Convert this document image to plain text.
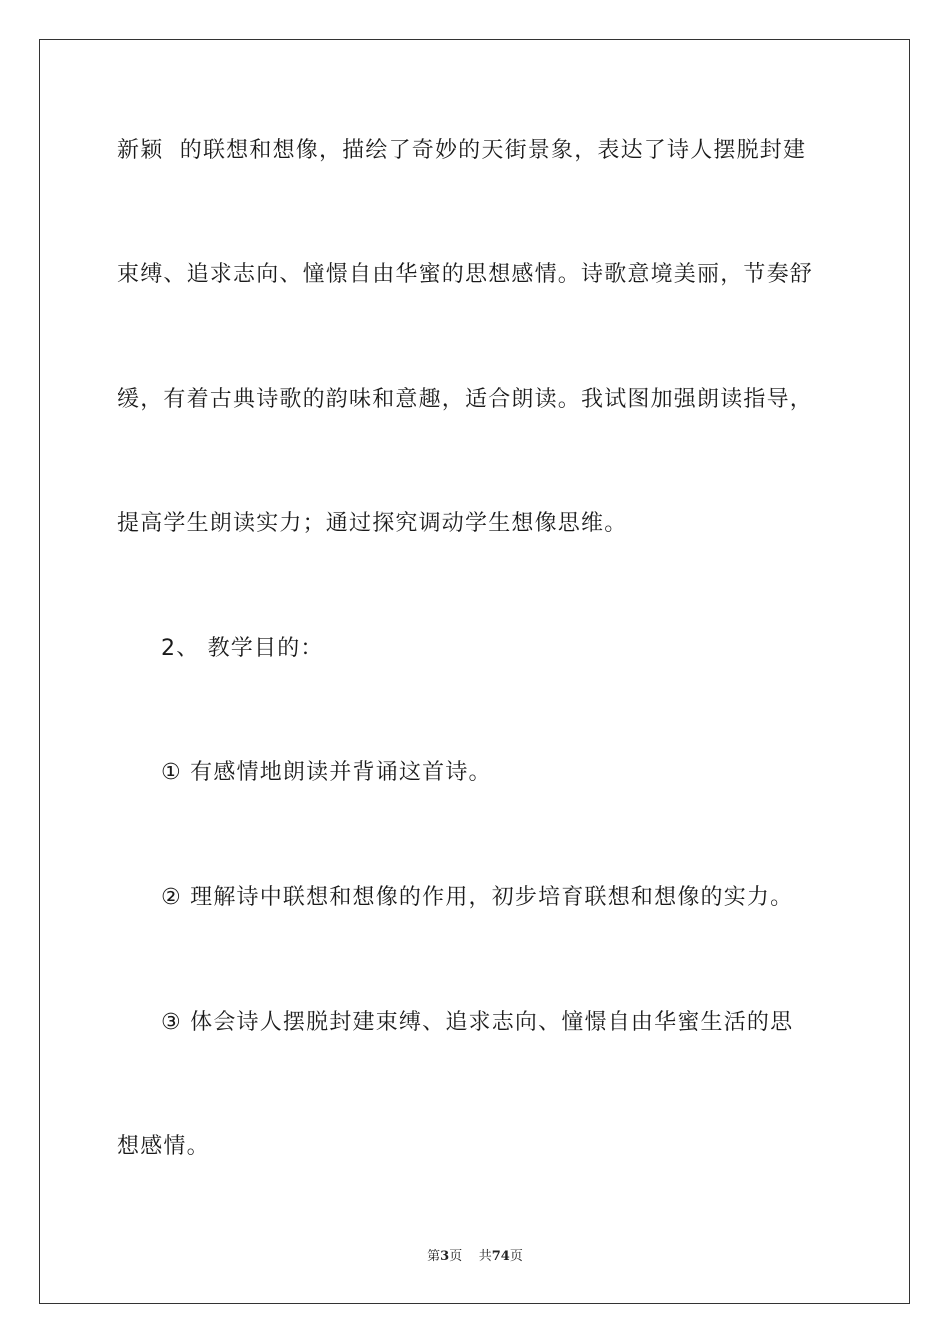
新颖  的联想和想像，描绘了奇妙的天街景象，表达了诗人摆脱封建
束缚、追求志向、憧憬自由华蜜的思想感情。诗歌意境美丽，节奏舒
缓，有着古典诗歌的韵味和意趣，适合朗读。我试图加强朗读指导，
提高学生朗读实力；通过探究调动学生想像思维。
2、 教学目的：
① 有感情地朗读并背诵这首诗。
② 理解诗中联想和想像的作用，初步培育联想和想像的实力。
③ 体会诗人摆脱封建束缚、追求志向、憧憬自由华蜜生活的思
想感情。
第3页 共74页
